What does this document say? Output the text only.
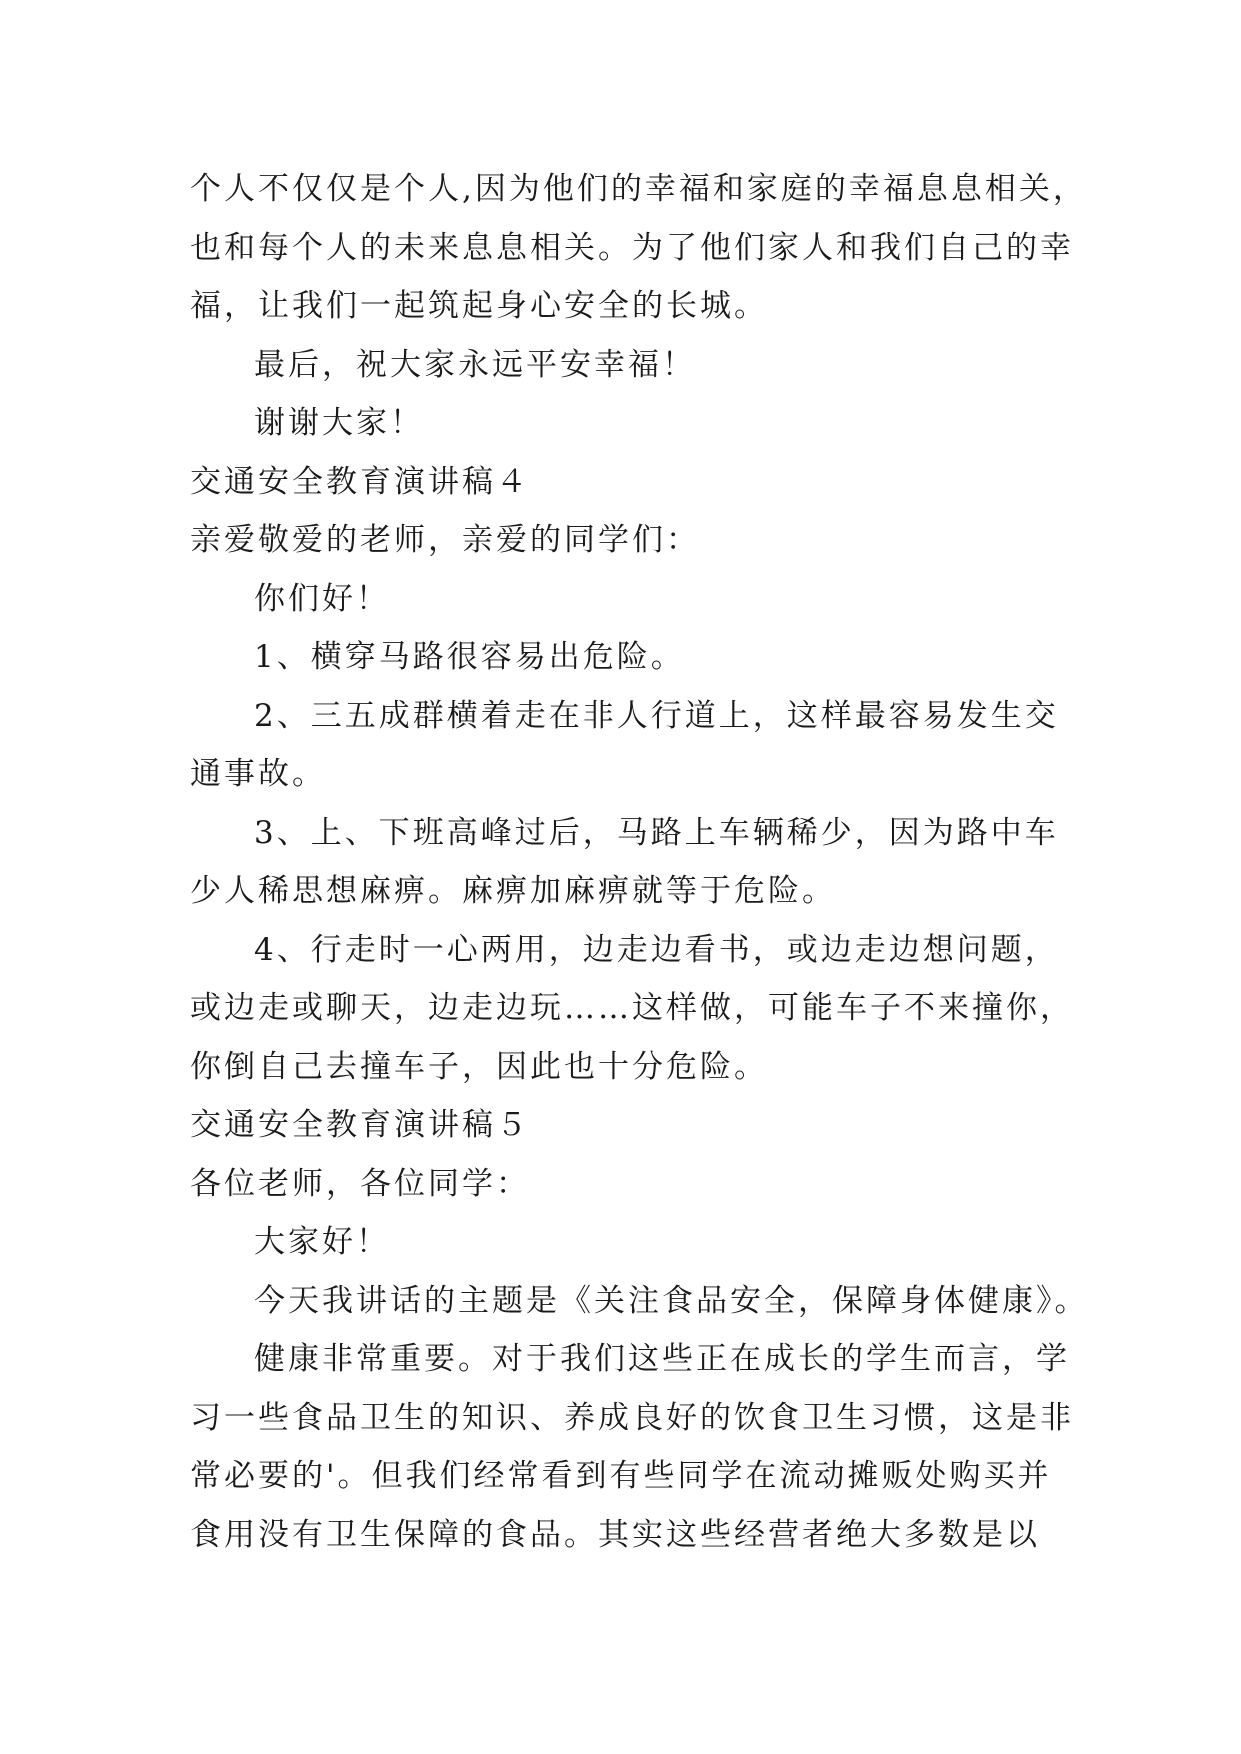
个人不仅仅是个人,因为他们的幸福和家庭的幸福息息相关，
也和每个人的未来息息相关。为了他们家人和我们自己的幸
福，让我们一起筑起身心安全的长城。
最后，祝大家永远平安幸福！
谢谢大家！
交通安全教育演讲稿４
亲爱敬爱的老师，亲爱的同学们：
你们好！
1、横穿马路很容易出危险。
2、三五成群横着走在非人行道上，这样最容易发生交
通事故。
3、上、下班高峰过后，马路上车辆稀少，因为路中车
少人稀思想麻痹。麻痹加麻痹就等于危险。
4、行走时一心两用，边走边看书，或边走边想问题，
或边走或聊天，边走边玩……这样做，可能车子不来撞你，
你倒自己去撞车子，因此也十分危险。
交通安全教育演讲稿５
各位老师，各位同学：
大家好！
今天我讲话的主题是《关注食品安全，保障身体健康》。
健康非常重要。对于我们这些正在成长的学生而言，学
习一些食品卫生的知识、养成良好的饮食卫生习惯，这是非
常必要的'。但我们经常看到有些同学在流动摊贩处购买并
食用没有卫生保障的食品。其实这些经营者绝大多数是以
